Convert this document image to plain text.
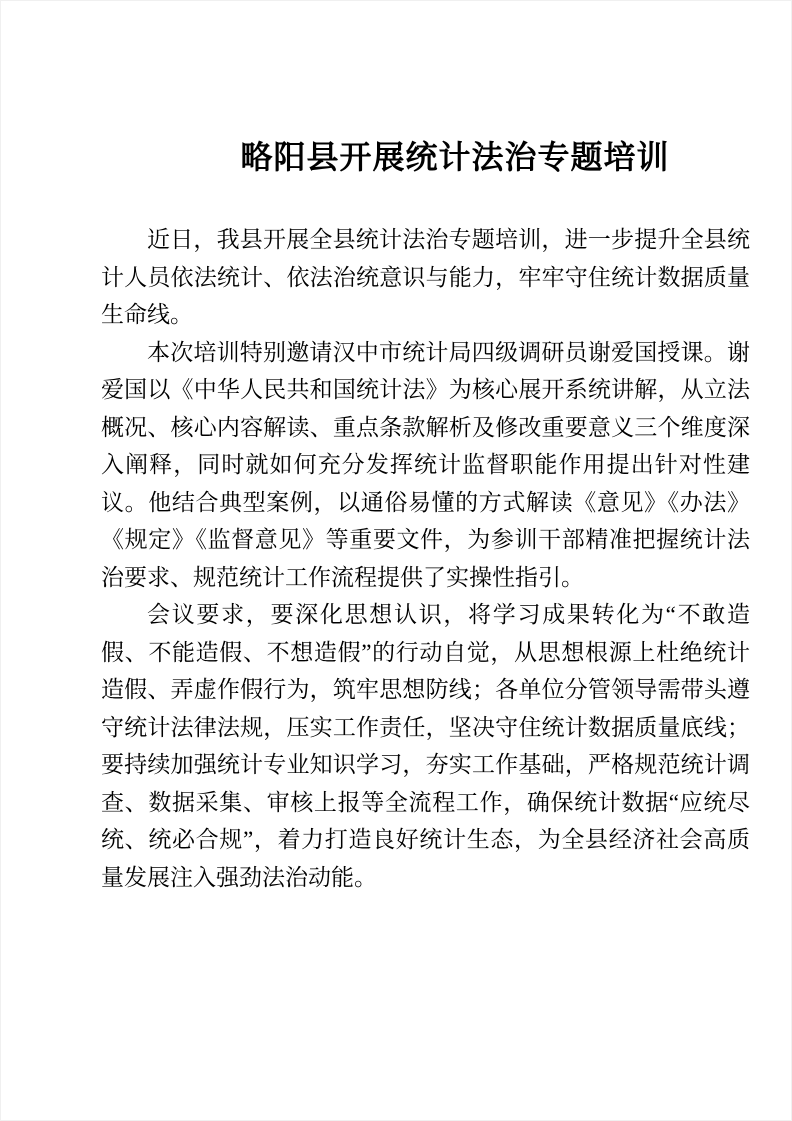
略阳县开展统计法治专题培训

近日，我县开展全县统计法治专题培训，进一步提升全县统计人员依法统计、依法治统意识与能力，牢牢守住统计数据质量生命线。

本次培训特别邀请汉中市统计局四级调研员谢爱国授课。谢爱国以《中华人民共和国统计法》为核心展开系统讲解，从立法概况、核心内容解读、重点条款解析及修改重要意义三个维度深入阐释，同时就如何充分发挥统计监督职能作用提出针对性建议。他结合典型案例，以通俗易懂的方式解读《意见》《办法》《规定》《监督意见》等重要文件，为参训干部精准把握统计法治要求、规范统计工作流程提供了实操性指引。

会议要求，要深化思想认识，将学习成果转化为“不敢造假、不能造假、不想造假”的行动自觉，从思想根源上杜绝统计造假、弄虚作假行为，筑牢思想防线；各单位分管领导需带头遵守统计法律法规，压实工作责任，坚决守住统计数据质量底线；要持续加强统计专业知识学习，夯实工作基础，严格规范统计调查、数据采集、审核上报等全流程工作，确保统计数据“应统尽统、统必合规”，着力打造良好统计生态，为全县经济社会高质量发展注入强劲法治动能。
